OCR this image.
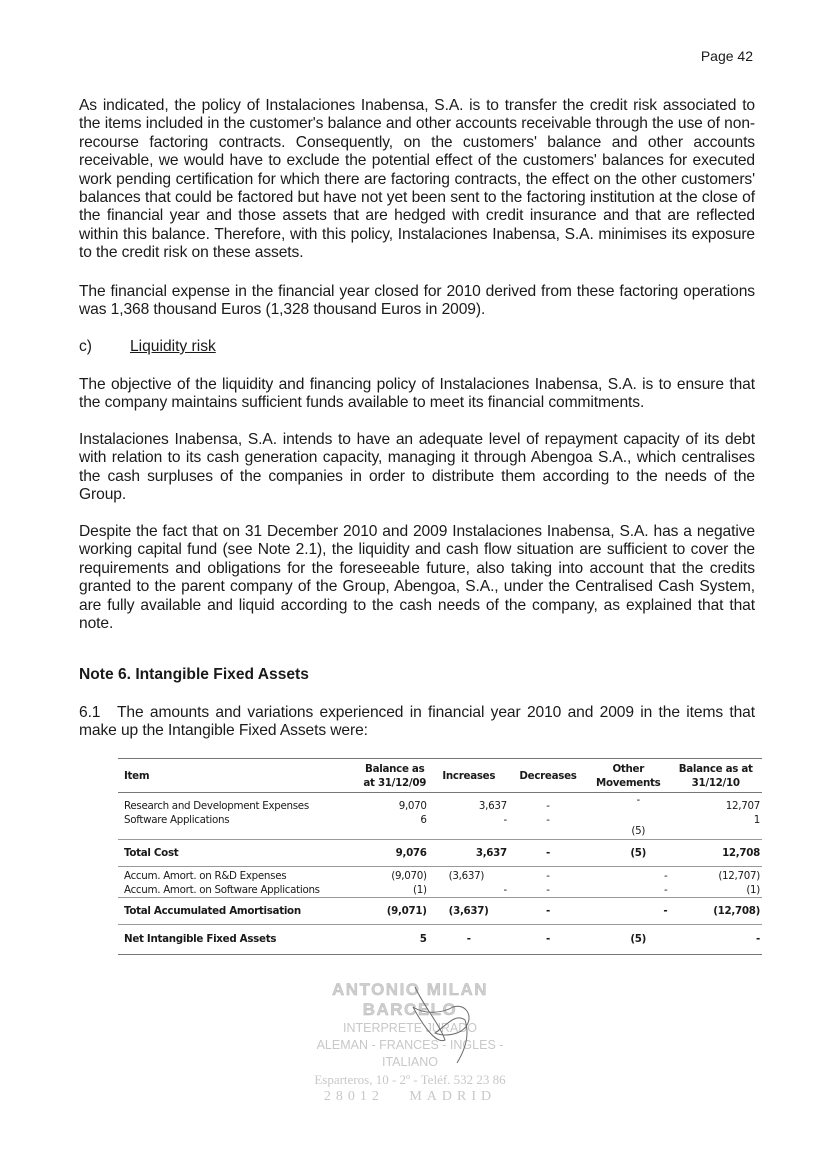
Page 42

As indicated, the policy of Instalaciones Inabensa, S.A. is to transfer the credit risk associated to the items included in the customer's balance and other accounts receivable through the use of non-recourse factoring contracts. Consequently, on the customers' balance and other accounts receivable, we would have to exclude the potential effect of the customers' balances for executed work pending certification for which there are factoring contracts, the effect on the other customers' balances that could be factored but have not yet been sent to the factoring institution at the close of the financial year and those assets that are hedged with credit insurance and that are reflected within this balance. Therefore, with this policy, Instalaciones Inabensa, S.A. minimises its exposure to the credit risk on these assets.

The financial expense in the financial year closed for 2010 derived from these factoring operations was 1,368 thousand Euros (1,328 thousand Euros in 2009).

c) Liquidity risk

The objective of the liquidity and financing policy of Instalaciones Inabensa, S.A. is to ensure that the company maintains sufficient funds available to meet its financial commitments.

Instalaciones Inabensa, S.A. intends to have an adequate level of repayment capacity of its debt with relation to its cash generation capacity, managing it through Abengoa S.A., which centralises the cash surpluses of the companies in order to distribute them according to the needs of the Group.

Despite the fact that on 31 December 2010 and 2009 Instalaciones Inabensa, S.A. has a negative working capital fund (see Note 2.1), the liquidity and cash flow situation are sufficient to cover the requirements and obligations for the foreseeable future, also taking into account that the credits granted to the parent company of the Group, Abengoa, S.A., under the Centralised Cash System, are fully available and liquid according to the cash needs of the company, as explained that that note.

Note 6. Intangible Fixed Assets

6.1 The amounts and variations experienced in financial year 2010 and 2009 in the items that make up the Intangible Fixed Assets were:

Item	Balance as at 31/12/09	Increases	Decreases	Other Movements	Balance as at 31/12/10
Research and Development Expenses	9,070	3,637	-	-	12,707
Software Applications	6	-	-	(5)	1
Total Cost	9,076	3,637	-	(5)	12,708
Accum. Amort. on R&D Expenses	(9,070)	(3,637)	-	-	(12,707)
Accum. Amort. on Software Applications	(1)	-	-	-	(1)
Total Accumulated Amortisation	(9,071)	(3,637)	-	-	(12,708)
Net Intangible Fixed Assets	5	-	-	(5)	-
ANTONIO MILAN BARCELO
INTERPRETE JURADO
ALEMAN - FRANCES - INGLES - ITALIANO
Esparteros, 10 - 2º - Teléf. 532 23 86
28012   MADRID
